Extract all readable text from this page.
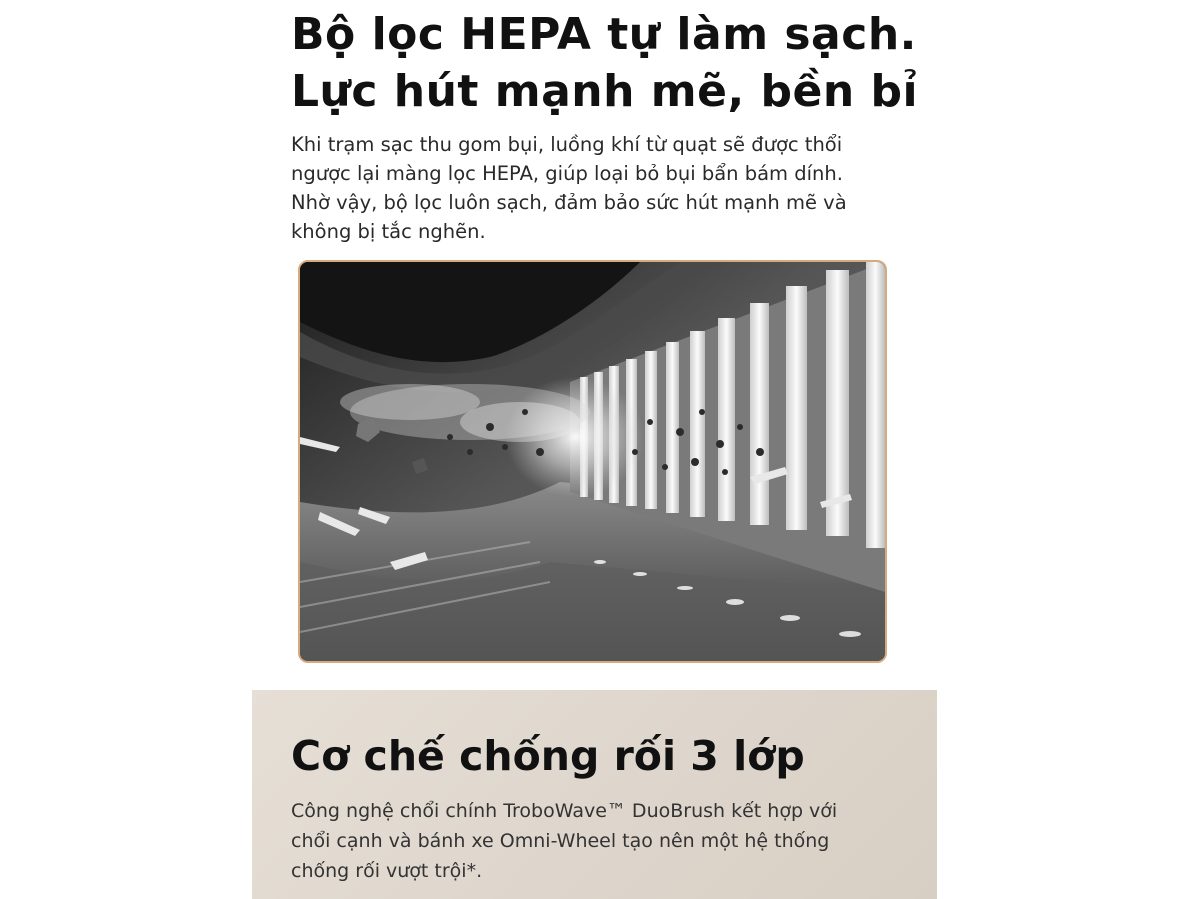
Bộ lọc HEPA tự làm sạch.
Lực hút mạnh mẽ, bền bỉ

Khi trạm sạc thu gom bụi, luồng khí từ quạt sẽ được thổi
ngược lại màng lọc HEPA, giúp loại bỏ bụi bẩn bám dính.
Nhờ vậy, bộ lọc luôn sạch, đảm bảo sức hút mạnh mẽ và
không bị tắc nghẽn.

Cơ chế chống rối 3 lớp

Công nghệ chổi chính TroboWave™ DuoBrush kết hợp với
chổi cạnh và bánh xe Omni-Wheel tạo nên một hệ thống
chống rối vượt trội*.
